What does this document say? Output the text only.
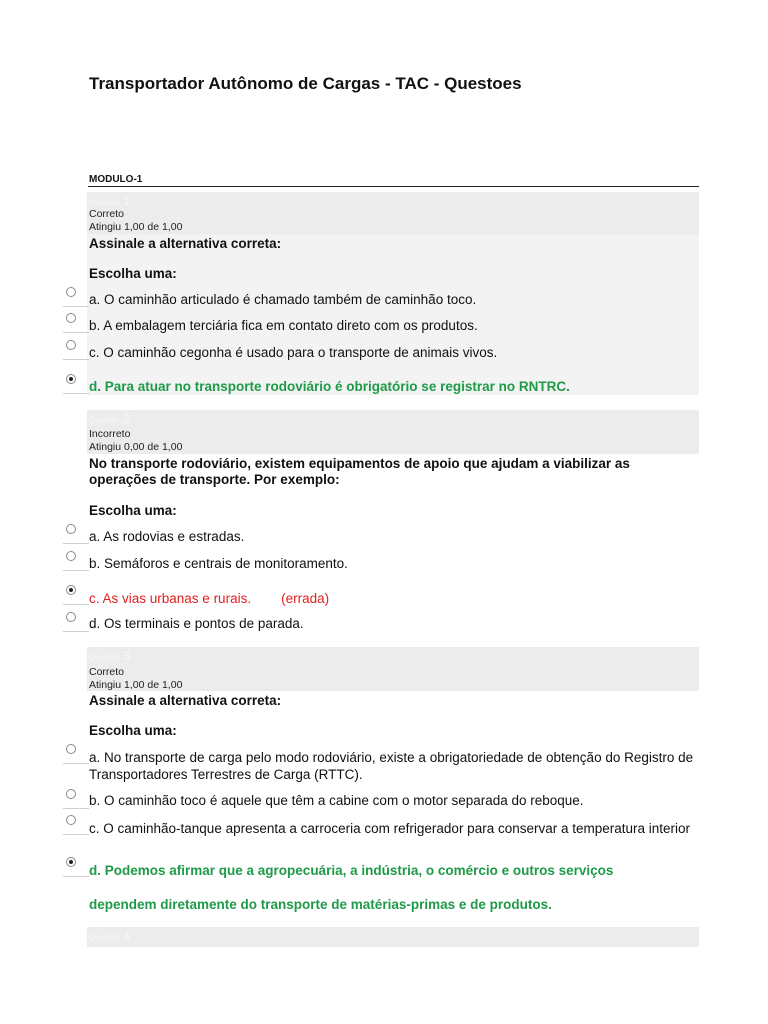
Transportador Autônomo de Cargas - TAC - Questoes
MODULO-1
Questão 1
Correto
Atingiu 1,00 de 1,00
Assinale a alternativa correta:
Escolha uma:
a. O caminhão articulado é chamado também de caminhão toco.
b. A embalagem terciária fica em contato direto com os produtos.
c. O caminhão cegonha é usado para o transporte de animais vivos.
d. Para atuar no transporte rodoviário é obrigatório se registrar no RNTRC.
Questão 2
Incorreto
Atingiu 0,00 de 1,00
No transporte rodoviário, existem equipamentos de apoio que ajudam a viabilizar as operações de transporte. Por exemplo:
Escolha uma:
a. As rodovias e estradas.
b. Semáforos e centrais de monitoramento.
c. As vias urbanas e rurais. (errada)
d. Os terminais e pontos de parada.
Questão 3
Correto
Atingiu 1,00 de 1,00
Assinale a alternativa correta:
Escolha uma:
a. No transporte de carga pelo modo rodoviário, existe a obrigatoriedade de obtenção do Registro de Transportadores Terrestres de Carga (RTTC).
b. O caminhão toco é aquele que têm a cabine com o motor separada do reboque.
c. O caminhão-tanque apresenta a carroceria com refrigerador para conservar a temperatura interior
d. Podemos afirmar que a agropecuária, a indústria, o comércio e outros serviços
dependem diretamente do transporte de matérias-primas e de produtos.
Questão 4
